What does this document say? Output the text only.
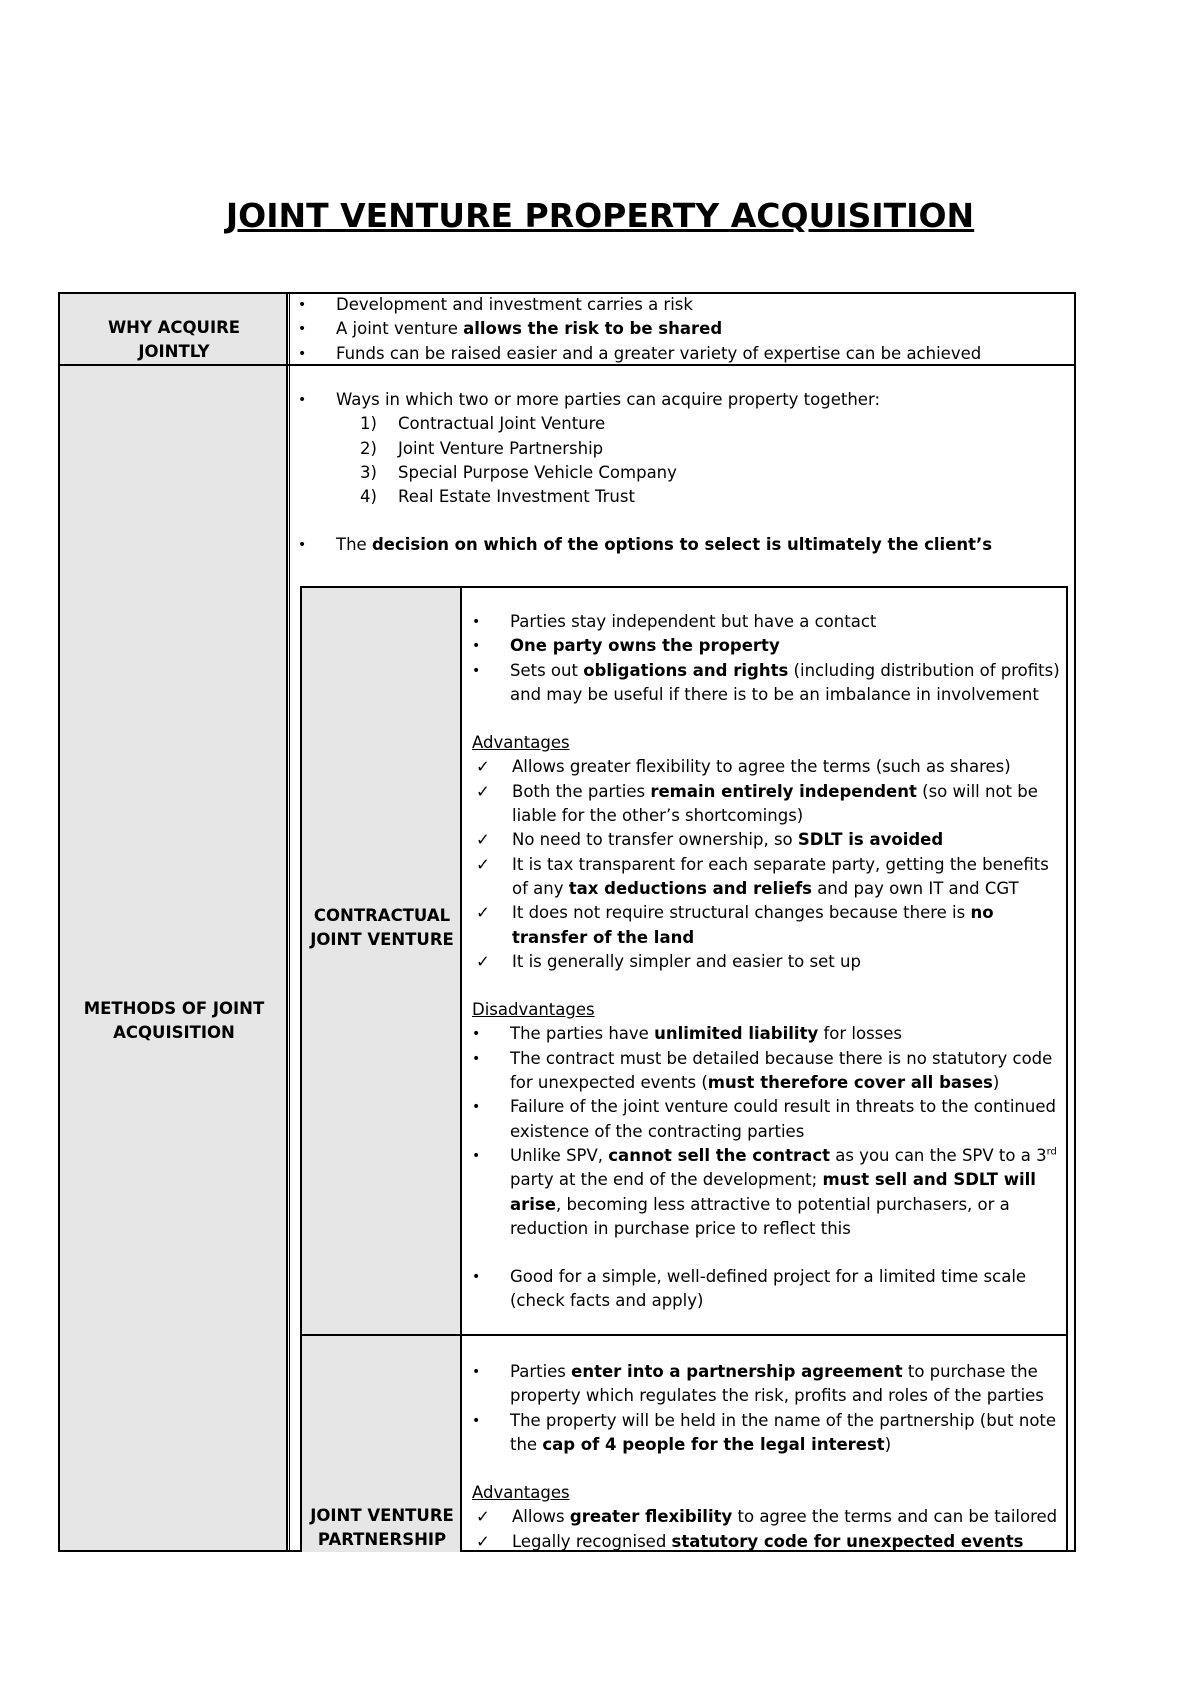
JOINT VENTURE PROPERTY ACQUISITION
WHY ACQUIRE
JOINTLY
• Development and investment carries a risk
• A joint venture allows the risk to be shared
• Funds can be raised easier and a greater variety of expertise can be achieved
METHODS OF JOINT
ACQUISITION
• Ways in which two or more parties can acquire property together:
1) Contractual Joint Venture
2) Joint Venture Partnership
3) Special Purpose Vehicle Company
4) Real Estate Investment Trust
• The decision on which of the options to select is ultimately the client’s
CONTRACTUAL
JOINT VENTURE
• Parties stay independent but have a contact
• One party owns the property
• Sets out obligations and rights (including distribution of profits) and may be useful if there is to be an imbalance in involvement
Advantages
✓ Allows greater flexibility to agree the terms (such as shares)
✓ Both the parties remain entirely independent (so will not be liable for the other’s shortcomings)
✓ No need to transfer ownership, so SDLT is avoided
✓ It is tax transparent for each separate party, getting the benefits of any tax deductions and reliefs and pay own IT and CGT
✓ It does not require structural changes because there is no transfer of the land
✓ It is generally simpler and easier to set up
Disadvantages
• The parties have unlimited liability for losses
• The contract must be detailed because there is no statutory code for unexpected events (must therefore cover all bases)
• Failure of the joint venture could result in threats to the continued existence of the contracting parties
• Unlike SPV, cannot sell the contract as you can the SPV to a 3rd party at the end of the development; must sell and SDLT will arise, becoming less attractive to potential purchasers, or a reduction in purchase price to reflect this
• Good for a simple, well-defined project for a limited time scale (check facts and apply)
JOINT VENTURE
PARTNERSHIP
• Parties enter into a partnership agreement to purchase the property which regulates the risk, profits and roles of the parties
• The property will be held in the name of the partnership (but note the cap of 4 people for the legal interest)
Advantages
✓ Allows greater flexibility to agree the terms and can be tailored
✓ Legally recognised statutory code for unexpected events
